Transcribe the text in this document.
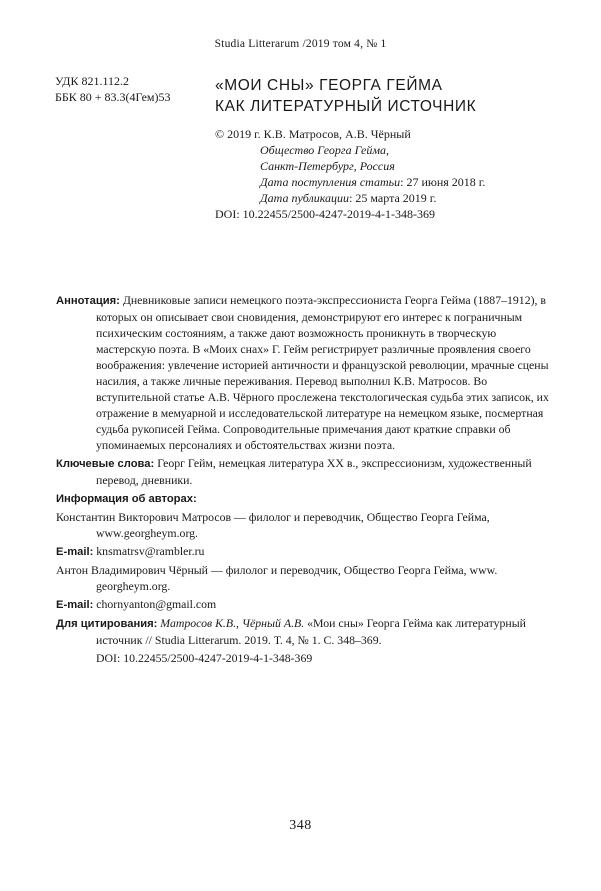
Studia Litterarum /2019 том 4, № 1
УДК 821.112.2
ББК 80 + 83.3(4Гем)53
«МОИ СНЫ» ГЕОРГА ГЕЙМА
КАК ЛИТЕРАТУРНЫЙ ИСТОЧНИК
© 2019 г. К.В. Матросов, А.В. Чёрный
Общество Георга Гейма,
Санкт-Петербург, Россия
Дата поступления статьи: 27 июня 2018 г.
Дата публикации: 25 марта 2019 г.
DOI: 10.22455/2500-4247-2019-4-1-348-369

Аннотация: Дневниковые записи немецкого поэта-экспрессиониста Георга Гейма (1887–1912), в которых он описывает свои сновидения, демонстрируют его интерес к пограничным психическим состояниям, а также дают возможность проникнуть в творческую мастерскую поэта. В «Моих снах» Г. Гейм регистрирует различные проявления своего воображения: увлечение историей античности и французской революции, мрачные сцены насилия, а также личные переживания. Перевод выполнил К.В. Матросов. Во вступительной статье А.В. Чёрного прослежена текстологическая судьба этих записок, их отражение в мемуарной и исследовательской литературе на немецком языке, посмертная судьба рукописей Гейма. Сопроводительные примечания дают краткие справки об упоминаемых персоналиях и обстоятельствах жизни поэта.

Ключевые слова: Георг Гейм, немецкая литература XX в., экспрессионизм, художественный перевод, дневники.

Информация об авторах:

Константин Викторович Матросов — филолог и переводчик, Общество Георга Гейма, www.georgheym.org.

E-mail: knsmatrsv@rambler.ru

Антон Владимирович Чёрный — филолог и переводчик, Общество Георга Гейма, www. georgheym.org.

E-mail: chornyanton@gmail.com

Для цитирования: Матросов К.В., Чёрный А.В. «Мои сны» Георга Гейма как литературный источник // Studia Litterarum. 2019. Т. 4, № 1. С. 348–369.

DOI: 10.22455/2500-4247-2019-4-1-348-369

348
